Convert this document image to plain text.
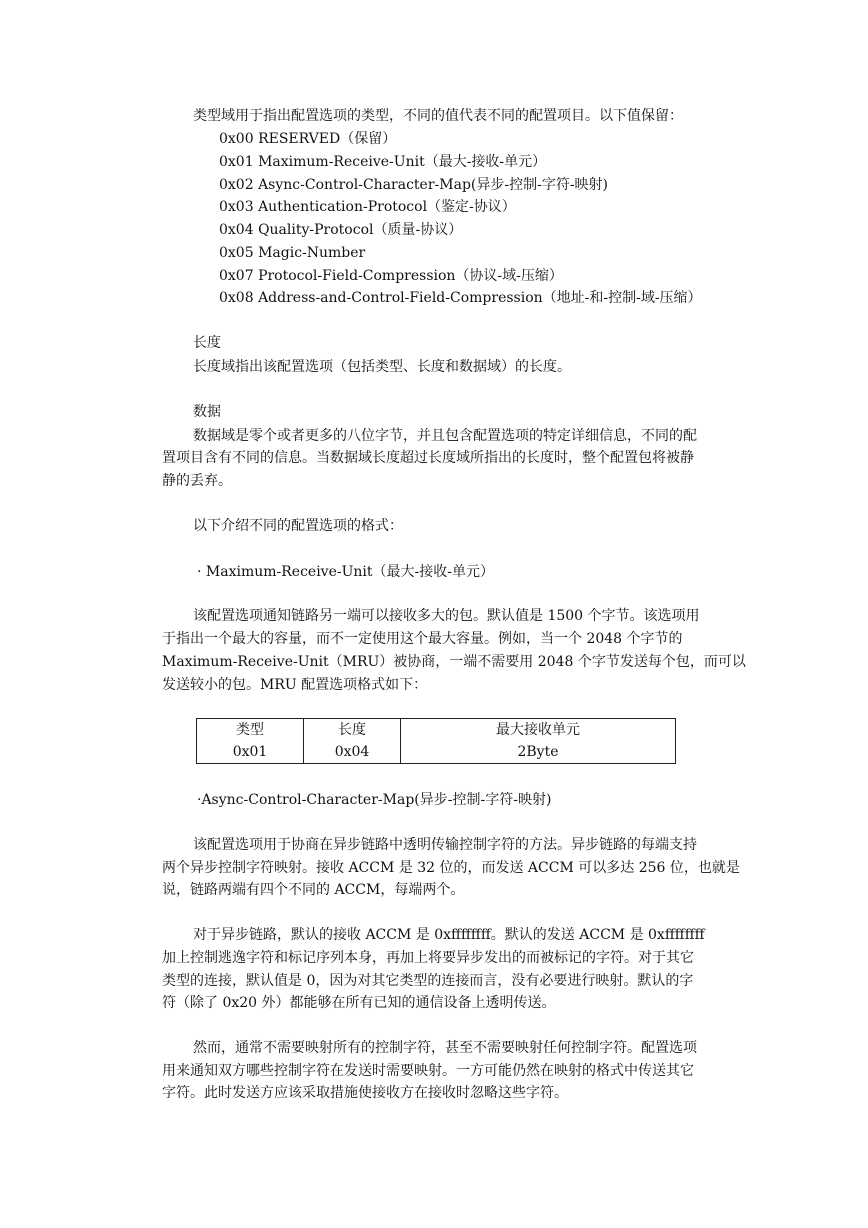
类型域用于指出配置选项的类型，不同的值代表不同的配置项目。以下值保留：
0x00 RESERVED（保留）
0x01 Maximum-Receive-Unit（最大-接收-单元）
0x02 Async-Control-Character-Map(异步-控制-字符-映射)
0x03 Authentication-Protocol（鉴定-协议）
0x04 Quality-Protocol（质量-协议）
0x05 Magic-Number
0x07 Protocol-Field-Compression（协议-域-压缩）
0x08 Address-and-Control-Field-Compression（地址-和-控制-域-压缩）
长度
长度域指出该配置选项（包括类型、长度和数据域）的长度。
数据
数据域是零个或者更多的八位字节，并且包含配置选项的特定详细信息，不同的配
置项目含有不同的信息。当数据域长度超过长度域所指出的长度时，整个配置包将被静
静的丢弃。
以下介绍不同的配置选项的格式：
· Maximum-Receive-Unit（最大-接收-单元）
该配置选项通知链路另一端可以接收多大的包。默认值是 1500 个字节。该选项用
于指出一个最大的容量，而不一定使用这个最大容量。例如，当一个 2048 个字节的
Maximum-Receive-Unit（MRU）被协商，一端不需要用 2048 个字节发送每个包，而可以
发送较小的包。MRU 配置选项格式如下：
类型	长度	最大接收单元
0x01	0x04	2Byte
·Async-Control-Character-Map(异步-控制-字符-映射)
该配置选项用于协商在异步链路中透明传输控制字符的方法。异步链路的每端支持
两个异步控制字符映射。接收 ACCM 是 32 位的，而发送 ACCM 可以多达 256 位，也就是
说，链路两端有四个不同的 ACCM，每端两个。
对于异步链路，默认的接收 ACCM 是 0xffffffff。默认的发送 ACCM 是 0xffffffff
加上控制逃逸字符和标记序列本身，再加上将要异步发出的而被标记的字符。对于其它
类型的连接，默认值是 0，因为对其它类型的连接而言，没有必要进行映射。默认的字
符（除了 0x20 外）都能够在所有已知的通信设备上透明传送。
然而，通常不需要映射所有的控制字符，甚至不需要映射任何控制字符。配置选项
用来通知双方哪些控制字符在发送时需要映射。一方可能仍然在映射的格式中传送其它
字符。此时发送方应该采取措施使接收方在接收时忽略这些字符。
